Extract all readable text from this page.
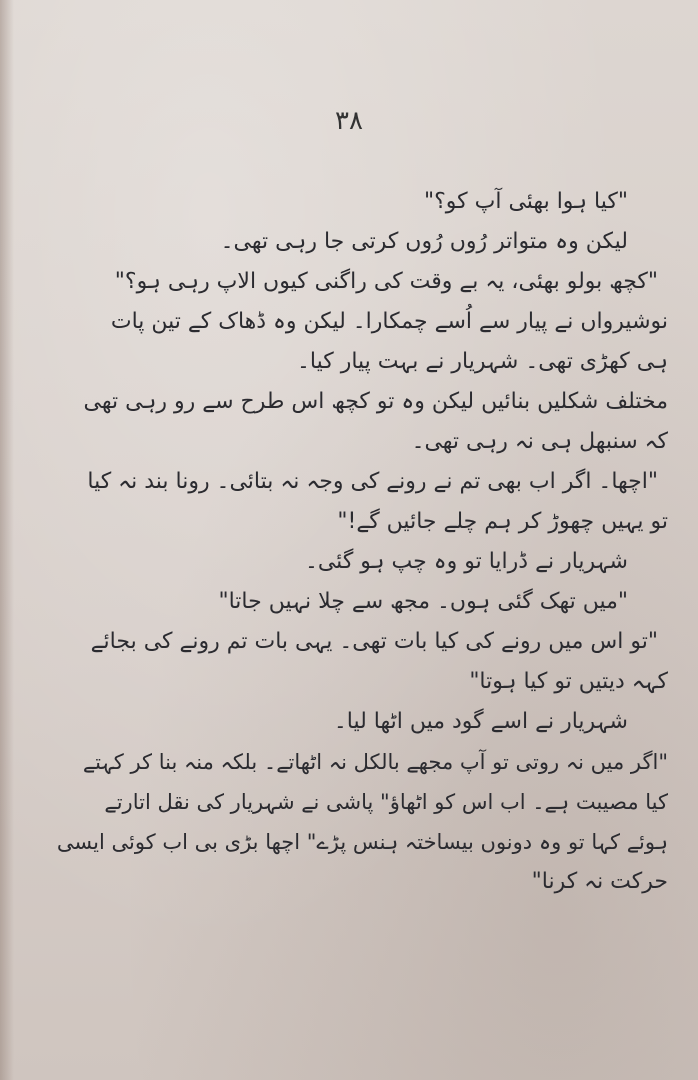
۳۸
"کیا ہوا بھئی آپ کو؟"
لیکن وہ متواتر رُوں رُوں کرتی جا رہی تھی۔
"کچھ بولو بھئی، یہ بے وقت کی راگنی کیوں الاپ رہی ہو؟"
نوشیرواں نے پیار سے اُسے چمکارا۔ لیکن وہ ڈھاک کے تین پات
ہی کھڑی تھی۔ شہریار نے بہت پیار کیا۔
مختلف شکلیں بنائیں لیکن وہ تو کچھ اس طرح سے رو رہی تھی
کہ سنبھل ہی نہ رہی تھی۔
"اچھا۔ اگر اب بھی تم نے رونے کی وجہ نہ بتائی۔ رونا بند نہ کیا
تو یہیں چھوڑ کر ہم چلے جائیں گے!"
شہریار نے ڈرایا تو وہ چپ ہو گئی۔
"میں تھک گئی ہوں۔ مجھ سے چلا نہیں جاتا"
"تو اس میں رونے کی کیا بات تھی۔ یہی بات تم رونے کی بجائے
کہہ دیتیں تو کیا ہوتا"
شہریار نے اسے گود میں اٹھا لیا۔
"اگر میں نہ روتی تو آپ مجھے بالکل نہ اٹھاتے۔ بلکہ منہ بنا کر کہتے
کیا مصیبت ہے۔ اب اس کو اٹھاؤ" پاشی نے شہریار کی نقل اتارتے
ہوئے کہا تو وہ دونوں بیساختہ ہنس پڑے" اچھا بڑی بی اب کوئی ایسی
حرکت نہ کرنا"
